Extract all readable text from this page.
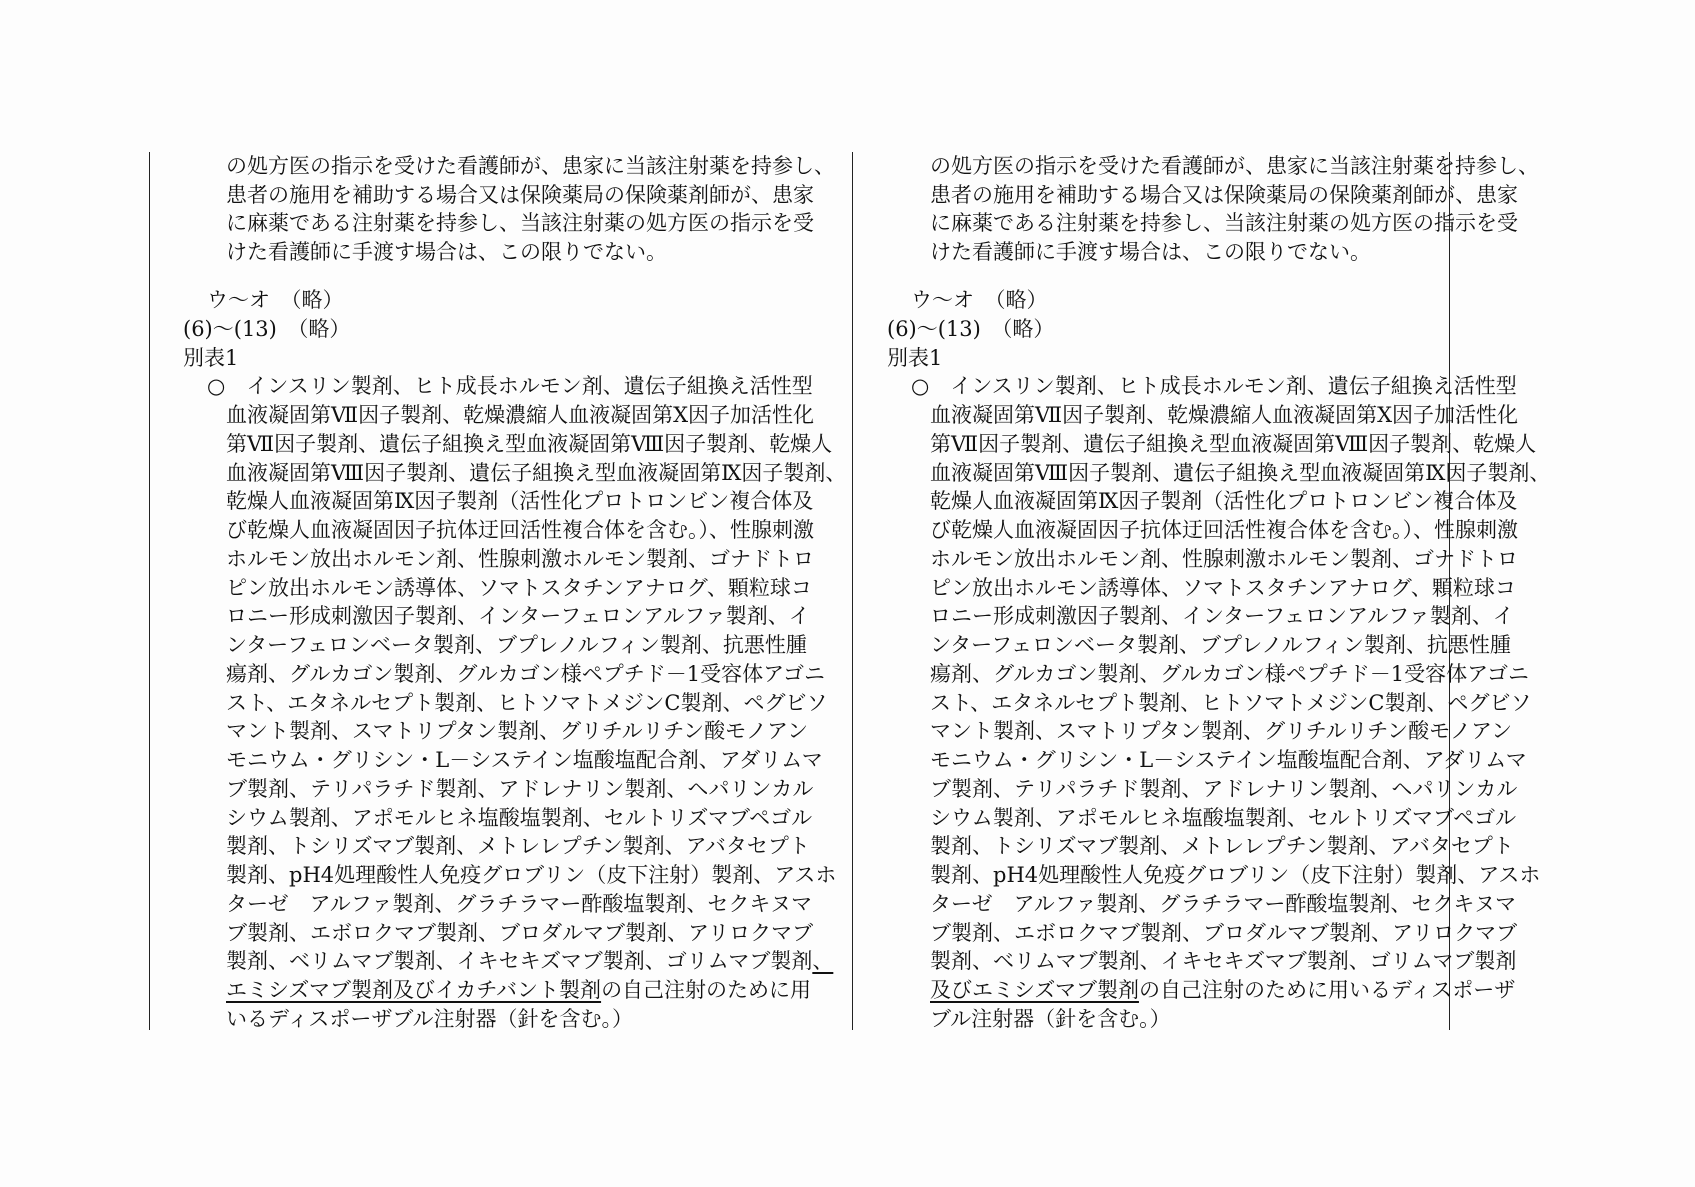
の処方医の指示を受けた看護師が、患家に当該注射薬を持参し、
患者の施用を補助する場合又は保険薬局の保険薬剤師が、患家
に麻薬である注射薬を持参し、当該注射薬の処方医の指示を受
けた看護師に手渡す場合は、この限りでない。
ウ〜オ　（略）
(6)〜(13)　（略）
別表1
○　インスリン製剤、ヒト成長ホルモン剤、遺伝子組換え活性型
血液凝固第Ⅶ因子製剤、乾燥濃縮人血液凝固第Ⅹ因子加活性化
第Ⅶ因子製剤、遺伝子組換え型血液凝固第Ⅷ因子製剤、乾燥人
血液凝固第Ⅷ因子製剤、遺伝子組換え型血液凝固第Ⅸ因子製剤、
乾燥人血液凝固第Ⅸ因子製剤（活性化プロトロンビン複合体及
び乾燥人血液凝固因子抗体迂回活性複合体を含む。）、性腺刺激
ホルモン放出ホルモン剤、性腺刺激ホルモン製剤、ゴナドトロ
ピン放出ホルモン誘導体、ソマトスタチンアナログ、顆粒球コ
ロニー形成刺激因子製剤、インターフェロンアルファ製剤、イ
ンターフェロンベータ製剤、ブプレノルフィン製剤、抗悪性腫
瘍剤、グルカゴン製剤、グルカゴン様ペプチド－1受容体アゴニ
スト、エタネルセプト製剤、ヒトソマトメジンC製剤、ペグビソ
マント製剤、スマトリプタン製剤、グリチルリチン酸モノアン
モニウム・グリシン・L－システイン塩酸塩配合剤、アダリムマ
ブ製剤、テリパラチド製剤、アドレナリン製剤、ヘパリンカル
シウム製剤、アポモルヒネ塩酸塩製剤、セルトリズマブペゴル
製剤、トシリズマブ製剤、メトレレプチン製剤、アバタセプト
製剤、pH4処理酸性人免疫グロブリン（皮下注射）製剤、アスホ
ターゼ　アルファ製剤、グラチラマー酢酸塩製剤、セクキヌマ
ブ製剤、エボロクマブ製剤、ブロダルマブ製剤、アリロクマブ
製剤、ベリムマブ製剤、イキセキズマブ製剤、ゴリムマブ製剤、
エミシズマブ製剤及びイカチバント製剤の自己注射のために用
いるディスポーザブル注射器（針を含む。）
の処方医の指示を受けた看護師が、患家に当該注射薬を持参し、
患者の施用を補助する場合又は保険薬局の保険薬剤師が、患家
に麻薬である注射薬を持参し、当該注射薬の処方医の指示を受
けた看護師に手渡す場合は、この限りでない。
ウ〜オ　（略）
(6)〜(13)　（略）
別表1
○　インスリン製剤、ヒト成長ホルモン剤、遺伝子組換え活性型
血液凝固第Ⅶ因子製剤、乾燥濃縮人血液凝固第Ⅹ因子加活性化
第Ⅶ因子製剤、遺伝子組換え型血液凝固第Ⅷ因子製剤、乾燥人
血液凝固第Ⅷ因子製剤、遺伝子組換え型血液凝固第Ⅸ因子製剤、
乾燥人血液凝固第Ⅸ因子製剤（活性化プロトロンビン複合体及
び乾燥人血液凝固因子抗体迂回活性複合体を含む。）、性腺刺激
ホルモン放出ホルモン剤、性腺刺激ホルモン製剤、ゴナドトロ
ピン放出ホルモン誘導体、ソマトスタチンアナログ、顆粒球コ
ロニー形成刺激因子製剤、インターフェロンアルファ製剤、イ
ンターフェロンベータ製剤、ブプレノルフィン製剤、抗悪性腫
瘍剤、グルカゴン製剤、グルカゴン様ペプチド－1受容体アゴニ
スト、エタネルセプト製剤、ヒトソマトメジンC製剤、ペグビソ
マント製剤、スマトリプタン製剤、グリチルリチン酸モノアン
モニウム・グリシン・L－システイン塩酸塩配合剤、アダリムマ
ブ製剤、テリパラチド製剤、アドレナリン製剤、ヘパリンカル
シウム製剤、アポモルヒネ塩酸塩製剤、セルトリズマブペゴル
製剤、トシリズマブ製剤、メトレレプチン製剤、アバタセプト
製剤、pH4処理酸性人免疫グロブリン（皮下注射）製剤、アスホ
ターゼ　アルファ製剤、グラチラマー酢酸塩製剤、セクキヌマ
ブ製剤、エボロクマブ製剤、ブロダルマブ製剤、アリロクマブ
製剤、ベリムマブ製剤、イキセキズマブ製剤、ゴリムマブ製剤
及びエミシズマブ製剤の自己注射のために用いるディスポーザ
ブル注射器（針を含む。）
